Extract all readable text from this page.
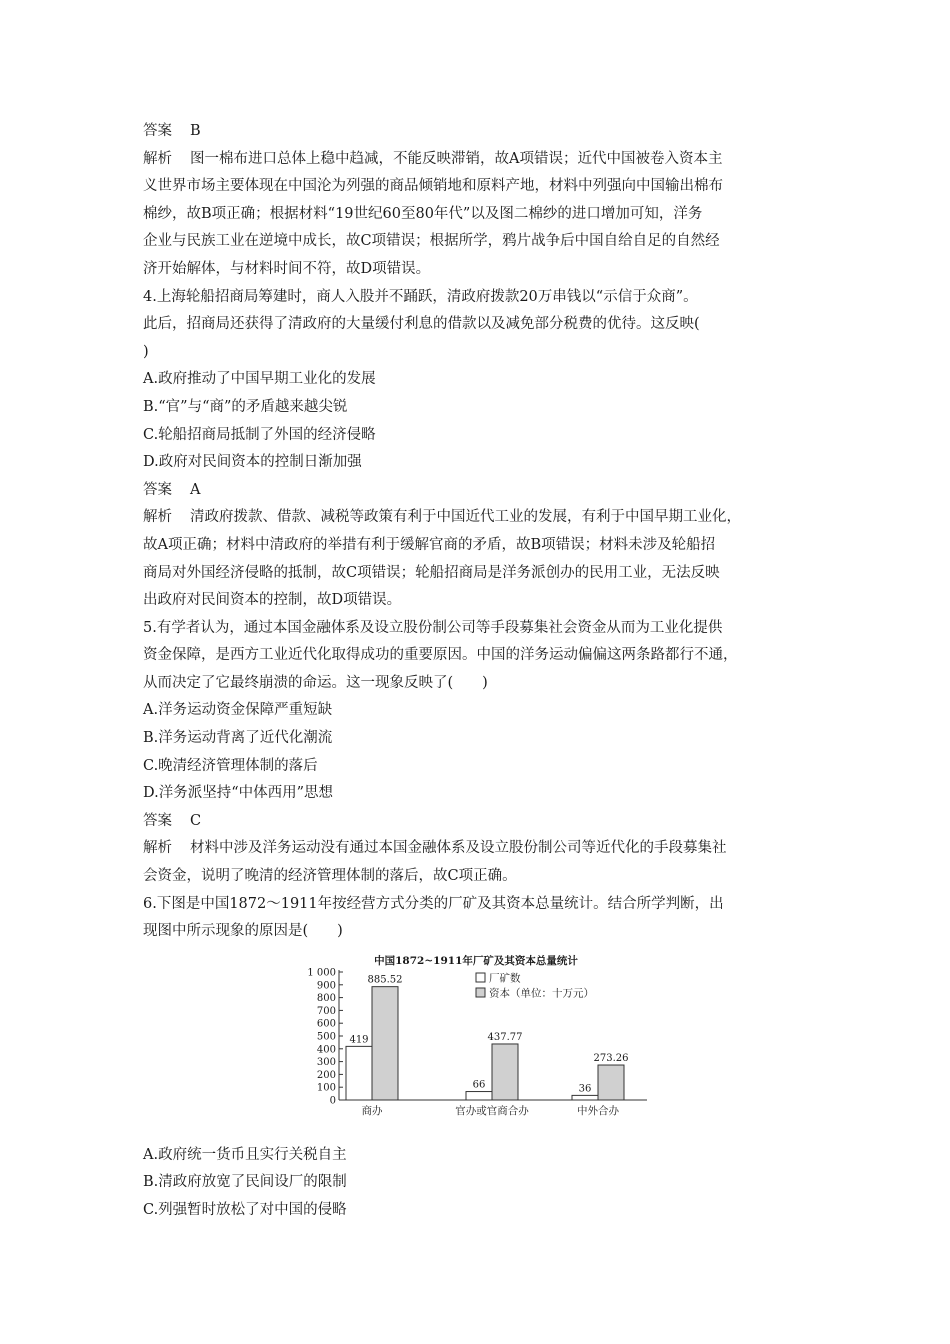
答案 B
解析 图一棉布进口总体上稳中趋减，不能反映滞销，故A项错误；近代中国被卷入资本主
义世界市场主要体现在中国沦为列强的商品倾销地和原料产地，材料中列强向中国输出棉布
棉纱，故B项正确；根据材料“19世纪60至80年代”以及图二棉纱的进口增加可知，洋务
企业与民族工业在逆境中成长，故C项错误；根据所学，鸦片战争后中国自给自足的自然经
济开始解体，与材料时间不符，故D项错误。
4.上海轮船招商局筹建时，商人入股并不踊跃，清政府拨款20万串钱以“示信于众商”。
此后，招商局还获得了清政府的大量缓付利息的借款以及减免部分税费的优待。这反映(
)
A.政府推动了中国早期工业化的发展
B.“官”与“商”的矛盾越来越尖锐
C.轮船招商局抵制了外国的经济侵略
D.政府对民间资本的控制日渐加强
答案 A
解析 清政府拨款、借款、减税等政策有利于中国近代工业的发展，有利于中国早期工业化，
故A项正确；材料中清政府的举措有利于缓解官商的矛盾，故B项错误；材料未涉及轮船招
商局对外国经济侵略的抵制，故C项错误；轮船招商局是洋务派创办的民用工业，无法反映
出政府对民间资本的控制，故D项错误。
5.有学者认为，通过本国金融体系及设立股份制公司等手段募集社会资金从而为工业化提供
资金保障，是西方工业近代化取得成功的重要原因。中国的洋务运动偏偏这两条路都行不通，
从而决定了它最终崩溃的命运。这一现象反映了(　　)
A.洋务运动资金保障严重短缺
B.洋务运动背离了近代化潮流
C.晚清经济管理体制的落后
D.洋务派坚持“中体西用”思想
答案 C
解析 材料中涉及洋务运动没有通过本国金融体系及设立股份制公司等近代化的手段募集社
会资金，说明了晚清的经济管理体制的落后，故C项正确。
6.下图是中国1872～1911年按经营方式分类的厂矿及其资本总量统计。结合所学判断，出
现图中所示现象的原因是(　　)
中国1872~1911年厂矿及其资本总量统计
0
100
200
300
400
500
600
700
800
900
1 000
419
885.52
商办
66
437.77
官办或官商合办
36
273.26
中外合办
厂矿数
资本（单位：十万元）
A.政府统一货币且实行关税自主
B.清政府放宽了民间设厂的限制
C.列强暂时放松了对中国的侵略
